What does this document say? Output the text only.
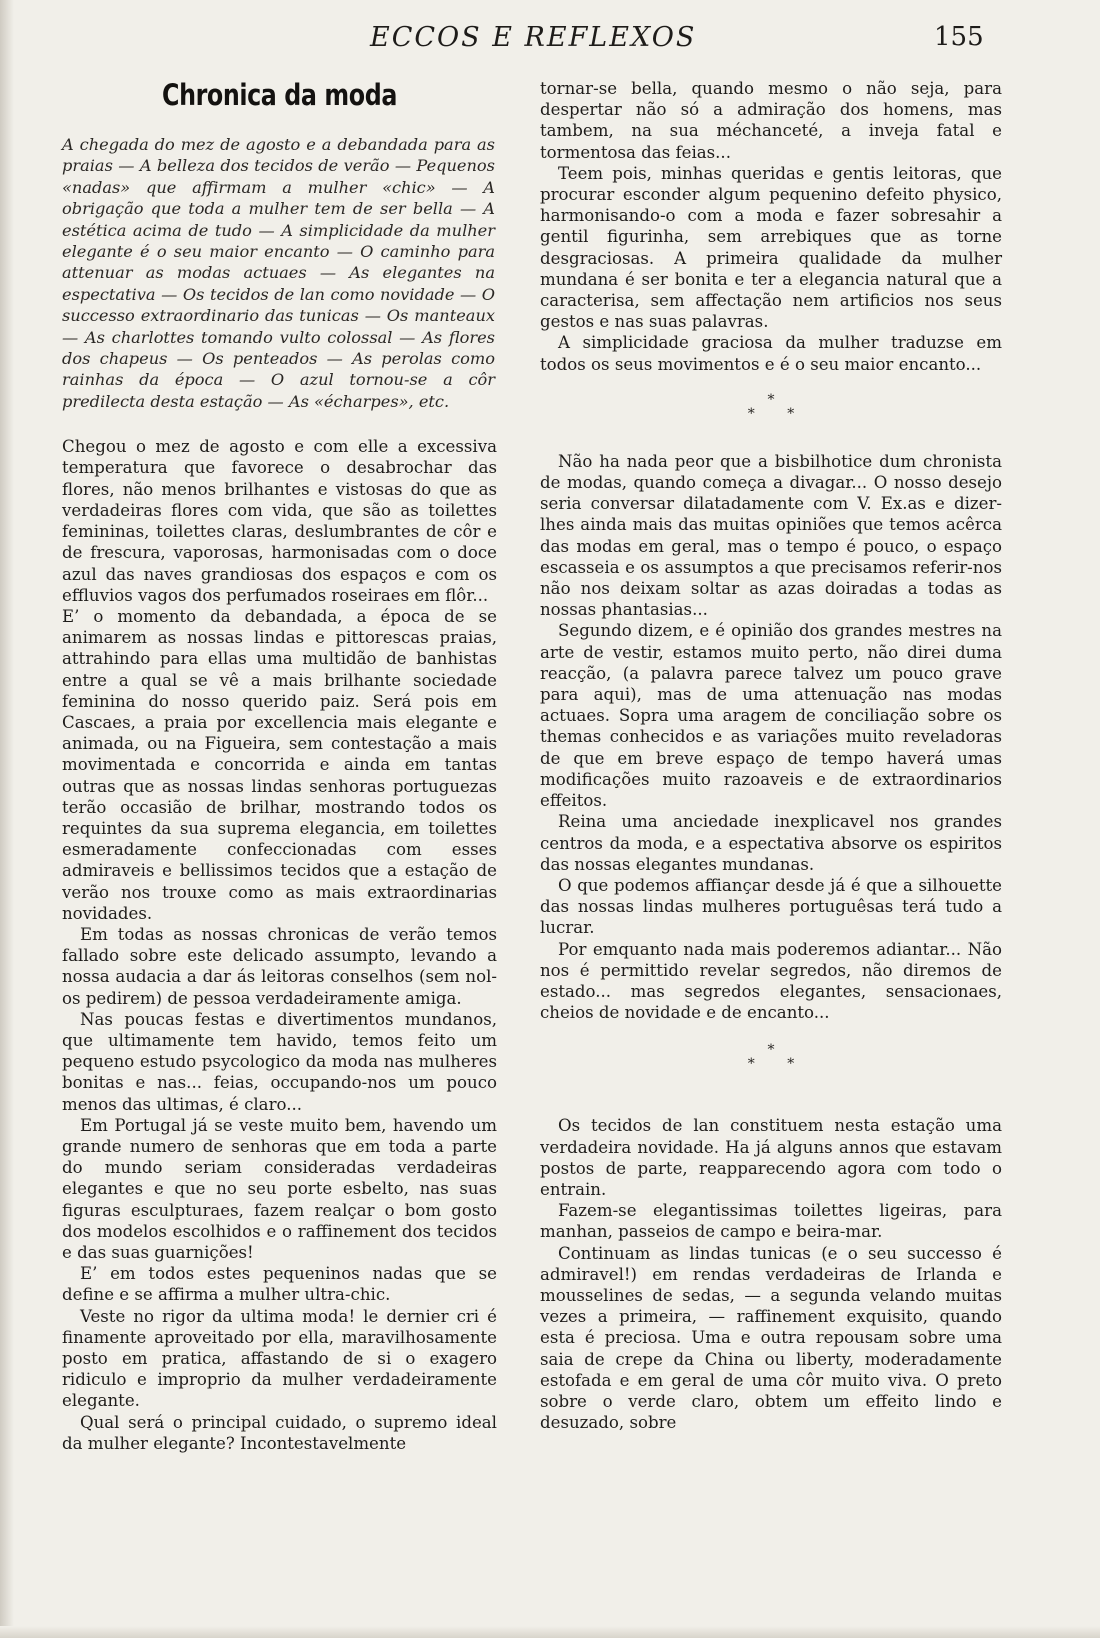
ECCOS E REFLEXOS	155
Chronica da moda

A chegada do mez de agosto e a debandada para as praias — A belleza dos tecidos de verão — Pequenos «nadas» que affirmam a mulher «chic» — A obrigação que toda a mulher tem de ser bella — A estética acima de tudo — A simplicidade da mulher elegante é o seu maior encanto — O caminho para attenuar as modas actuaes — As elegantes na espectativa — Os tecidos de lan como novidade — O successo extraordinario das tunicas — Os manteaux — As charlottes tomando vulto colossal — As flores dos chapeus — Os penteados — As perolas como rainhas da época — O azul tornou-se a côr predilecta desta estação — As «écharpes», etc.

Chegou o mez de agosto e com elle a excessiva temperatura que favorece o desabrochar das flores, não menos brilhantes e vistosas do que as verdadeiras flores com vida, que são as toilettes femininas, toilettes claras, deslumbrantes de côr e de frescura, vaporosas, harmonisadas com o doce azul das naves grandiosas dos espaços e com os effluvios vagos dos perfumados roseiraes em flôr...

E’ o momento da debandada, a época de se animarem as nossas lindas e pittorescas praias, attrahindo para ellas uma multidão de banhistas entre a qual se vê a mais brilhante sociedade feminina do nosso querido paiz. Será pois em Cascaes, a praia por excellencia mais elegante e animada, ou na Figueira, sem contestação a mais movimentada e concorrida e ainda em tantas outras que as nossas lindas senhoras portuguezas terão occasião de brilhar, mostrando todos os requintes da sua suprema elegancia, em toilettes esmeradamente confeccionadas com esses admiraveis e bellissimos tecidos que a estação de verão nos trouxe como as mais extraordinarias novidades.

Em todas as nossas chronicas de verão temos fallado sobre este delicado assumpto, levando a nossa audacia a dar ás leitoras conselhos (sem nol-os pedirem) de pessoa verdadeiramente amiga.

Nas poucas festas e divertimentos mundanos, que ultimamente tem havido, temos feito um pequeno estudo psycologico da moda nas mulheres bonitas e nas... feias, occupando-nos um pouco menos das ultimas, é claro...

Em Portugal já se veste muito bem, havendo um grande numero de senhoras que em toda a parte do mundo seriam consideradas verdadeiras elegantes e que no seu porte esbelto, nas suas figuras esculpturaes, fazem realçar o bom gosto dos modelos escolhidos e o raffinement dos tecidos e das suas guarnições!

E’ em todos estes pequeninos nadas que se define e se affirma a mulher ultra-chic.

Veste no rigor da ultima moda! le dernier cri é finamente aproveitado por ella, maravilhosamente posto em pratica, affastando de si o exagero ridiculo e improprio da mulher verdadeiramente elegante.

Qual será o principal cuidado, o supremo ideal da mulher elegante? Incontestavelmente

tornar-se bella, quando mesmo o não seja, para despertar não só a admiração dos homens, mas tambem, na sua méchanceté, a inveja fatal e tormentosa das feias...

Teem pois, minhas queridas e gentis leitoras, que procurar esconder algum pequenino defeito physico, harmonisando-o com a moda e fazer sobresahir a gentil figurinha, sem arrebiques que as torne desgraciosas. A primeira qualidade da mulher mundana é ser bonita e ter a elegancia natural que a caracterisa, sem affectação nem artificios nos seus gestos e nas suas palavras.

A simplicidade graciosa da mulher traduzse em todos os seus movimentos e é o seu maior encanto...

*
* *

Não ha nada peor que a bisbilhotice dum chronista de modas, quando começa a divagar... O nosso desejo seria conversar dilatadamente com V. Ex.as e dizer-lhes ainda mais das muitas opiniões que temos acêrca das modas em geral, mas o tempo é pouco, o espaço escasseia e os assumptos a que precisamos referir-nos não nos deixam soltar as azas doiradas a todas as nossas phantasias...

Segundo dizem, e é opinião dos grandes mestres na arte de vestir, estamos muito perto, não direi duma reacção, (a palavra parece talvez um pouco grave para aqui), mas de uma attenuação nas modas actuaes. Sopra uma aragem de conciliação sobre os themas conhecidos e as variações muito reveladoras de que em breve espaço de tempo haverá umas modificações muito razoaveis e de extraordinarios effeitos.

Reina uma anciedade inexplicavel nos grandes centros da moda, e a espectativa absorve os espiritos das nossas elegantes mundanas.

O que podemos affiançar desde já é que a silhouette das nossas lindas mulheres portuguêsas terá tudo a lucrar.

Por emquanto nada mais poderemos adiantar... Não nos é permittido revelar segredos, não diremos de estado... mas segredos elegantes, sensacionaes, cheios de novidade e de encanto...

*
* *

Os tecidos de lan constituem nesta estação uma verdadeira novidade. Ha já alguns annos que estavam postos de parte, reapparecendo agora com todo o entrain.

Fazem-se elegantissimas toilettes ligeiras, para manhan, passeios de campo e beira-mar.

Continuam as lindas tunicas (e o seu successo é admiravel!) em rendas verdadeiras de Irlanda e mousselines de sedas, — a segunda velando muitas vezes a primeira, — raffinement exquisito, quando esta é preciosa. Uma e outra repousam sobre uma saia de crepe da China ou liberty, moderadamente estofada e em geral de uma côr muito viva. O preto sobre o verde claro, obtem um effeito lindo e desuzado, sobre
